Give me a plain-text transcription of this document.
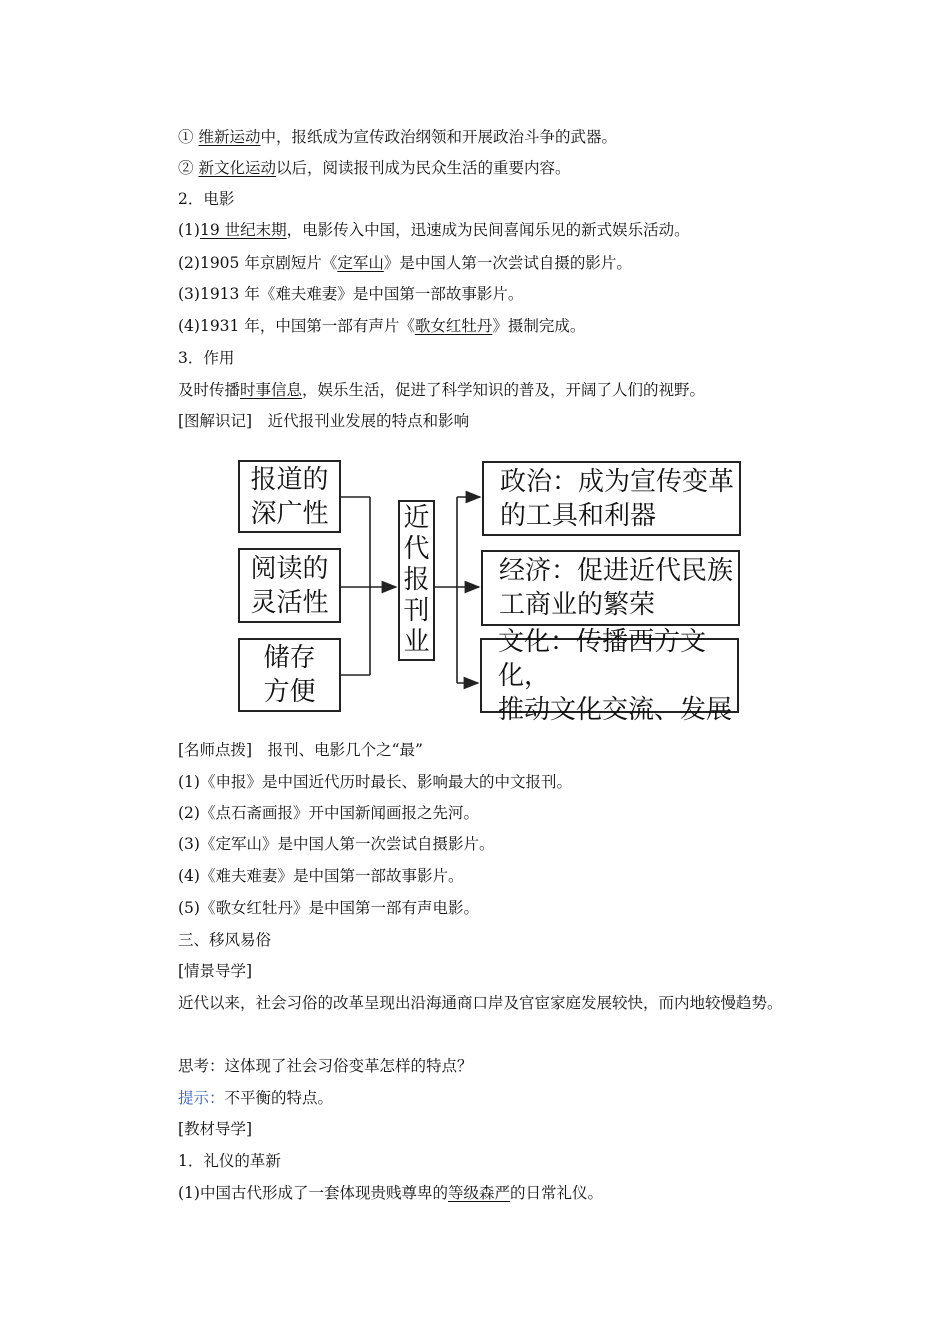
① 维新运动中，报纸成为宣传政治纲领和开展政治斗争的武器。
② 新文化运动以后，阅读报刊成为民众生活的重要内容。
2．电影
(1)19 世纪末期，电影传入中国，迅速成为民间喜闻乐见的新式娱乐活动。
(2)1905 年京剧短片《定军山》是中国人第一次尝试自摄的影片。
(3)1913 年《难夫难妻》是中国第一部故事影片。
(4)1931 年，中国第一部有声片《歌女红牡丹》摄制完成。
3．作用
及时传播时事信息，娱乐生活，促进了科学知识的普及，开阔了人们的视野。
[图解识记]　近代报刊业发展的特点和影响
报道的
深广性
阅读的
灵活性
储存
方便
近
代
报
刊
业
政治：成为宣传变革
的工具和利器
经济：促进近代民族
工商业的繁荣
文化：传播西方文化，
推动文化交流、发展
[名师点拨]　报刊、电影几个之“最”
(1)《申报》是中国近代历时最长、影响最大的中文报刊。
(2)《点石斋画报》开中国新闻画报之先河。
(3)《定军山》是中国人第一次尝试自摄影片。
(4)《难夫难妻》是中国第一部故事影片。
(5)《歌女红牡丹》是中国第一部有声电影。
三、移风易俗
[情景导学]
近代以来，社会习俗的改革呈现出沿海通商口岸及官宦家庭发展较快，而内地较慢趋势。
思考：这体现了社会习俗变革怎样的特点？
提示：不平衡的特点。
[教材导学]
1．礼仪的革新
(1)中国古代形成了一套体现贵贱尊卑的等级森严的日常礼仪。
